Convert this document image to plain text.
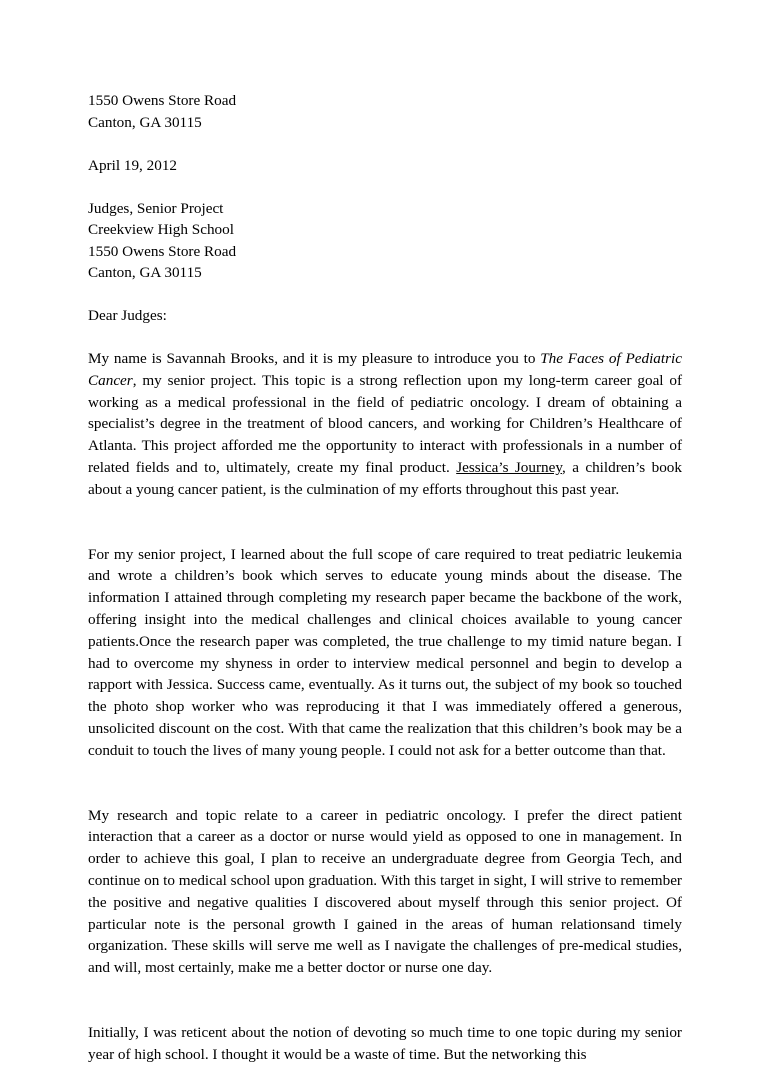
1550 Owens Store Road
Canton, GA 30115
April 19, 2012
Judges, Senior Project
Creekview High School
1550 Owens Store Road
Canton, GA 30115
Dear Judges:

My name is Savannah Brooks, and it is my pleasure to introduce you to The Faces of Pediatric Cancer, my senior project. This topic is a strong reflection upon my long-term career goal of working as a medical professional in the field of pediatric oncology. I dream of obtaining a specialist’s degree in the treatment of blood cancers, and working for Children’s Healthcare of Atlanta. This project afforded me the opportunity to interact with professionals in a number of related fields and to, ultimately, create my final product. Jessica’s Journey, a children’s book about a young cancer patient, is the culmination of my efforts throughout this past year.

For my senior project, I learned about the full scope of care required to treat pediatric leukemia and wrote a children’s book which serves to educate young minds about the disease. The information I attained through completing my research paper became the backbone of the work, offering insight into the medical challenges and clinical choices available to young cancer patients.Once the research paper was completed, the true challenge to my timid nature began. I had to overcome my shyness in order to interview medical personnel and begin to develop a rapport with Jessica. Success came, eventually. As it turns out, the subject of my book so touched the photo shop worker who was reproducing it that I was immediately offered a generous, unsolicited discount on the cost. With that came the realization that this children’s book may be a conduit to touch the lives of many young people. I could not ask for a better outcome than that.

My research and topic relate to a career in pediatric oncology. I prefer the direct patient interaction that a career as a doctor or nurse would yield as opposed to one in management. In order to achieve this goal, I plan to receive an undergraduate degree from Georgia Tech, and continue on to medical school upon graduation. With this target in sight, I will strive to remember the positive and negative qualities I discovered about myself through this senior project. Of particular note is the personal growth I gained in the areas of human relationsand timely organization. These skills will serve me well as I navigate the challenges of pre-medical studies, and will, most certainly, make me a better doctor or nurse one day.

Initially, I was reticent about the notion of devoting so much time to one topic during my senior year of high school. I thought it would be a waste of time. But the networking this
